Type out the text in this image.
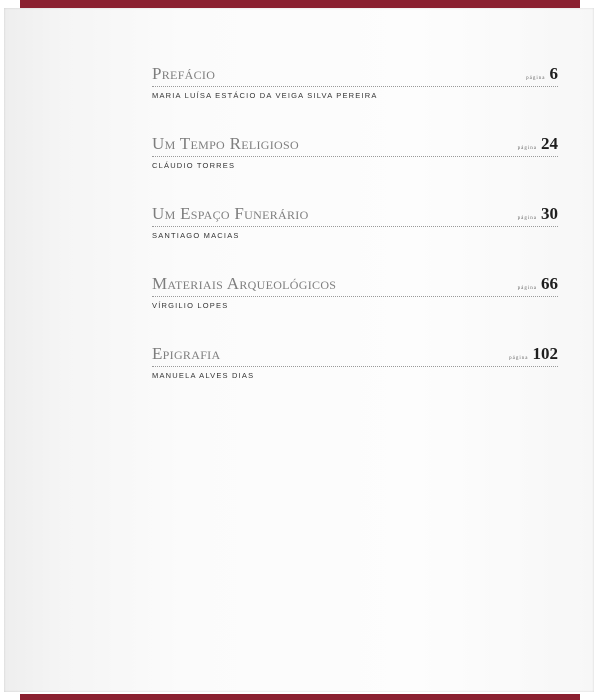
Prefácio	página 6
MARIA LUÍSA ESTÁCIO DA VEIGA SILVA PEREIRA
Um Tempo Religioso	página 24
CLÁUDIO TORRES
Um Espaço Funerário	página 30
SANTIAGO MACIAS
Materiais Arqueológicos	página 66
VÍRGILIO LOPES
Epigrafia	página 102
MANUELA ALVES DIAS
